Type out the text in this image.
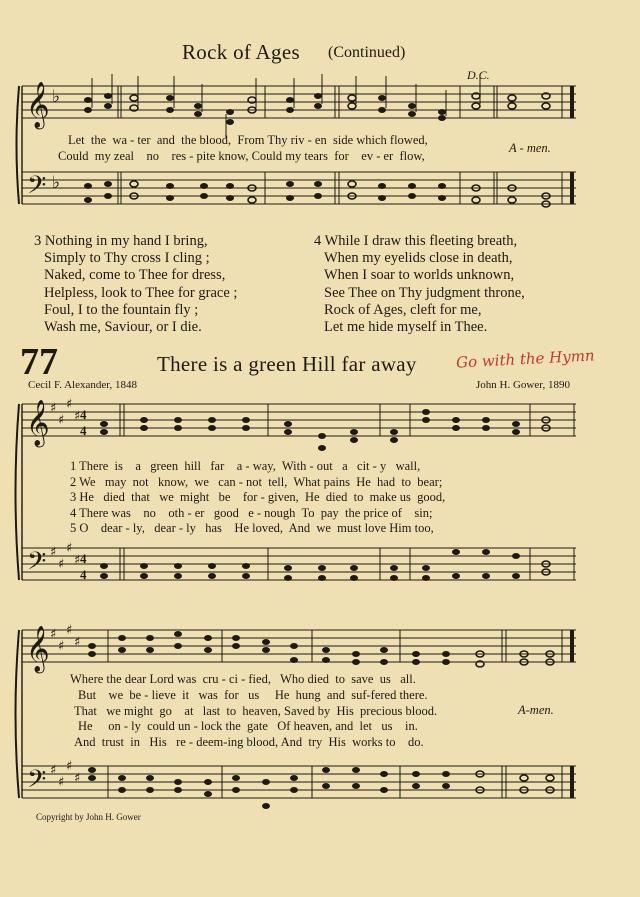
Rock of Ages (Continued)
D.C.
𝄞
𝄢
♭
♭
𝄞
𝄢
♯
♯
♯
♯
♯
♯
♯
♯
4
4
4
4
𝄞
𝄢
♯
♯
♯
♯
♯
♯
♯
♯
Let  the  wa - ter  and  the blood,  From Thy riv - en  side which flowed,
Could  my zeal    no    res - pite know, Could my tears  for    ev - er  flow,
A - men.
3 Nothing in my hand I bring,
Simply to Thy cross I cling ;
Naked, come to Thee for dress,
Helpless, look to Thee for grace ;
Foul, I to the fountain fly ;
Wash me, Saviour, or I die.
4 While I draw this fleeting breath,
When my eyelids close in death,
When I soar to worlds unknown,
See Thee on Thy judgment throne,
Rock of Ages, cleft for me,
Let me hide myself in Thee.
77	There is a green Hill far away	Go with the Hymn
Cecil F. Alexander, 1848	John H. Gower, 1890
1 There  is    a   green  hill   far    a - way,  With - out   a   cit - y   wall,
2 We   may  not   know,  we   can - not  tell,  What pains  He  had  to  bear;
3 He   died  that   we  might   be    for - given,  He  died  to  make us  good,
4 There was    no    oth - er   good   e - nough  To  pay  the price of    sin;
5 O    dear - ly,   dear - ly   has    He loved,  And  we  must love Him too,
Where the dear Lord was  cru - ci - fied,   Who died  to  save  us   all.
But    we  be - lieve  it   was  for   us     He  hung  and  suf-fered there.
That   we might  go    at   last  to  heaven, Saved by  His  precious blood.
He     on - ly  could un - lock the  gate   Of heaven, and  let   us    in.
And  trust  in   His   re - deem-ing blood, And  try  His  works to    do.
A-men.
Copyright by John H. Gower
